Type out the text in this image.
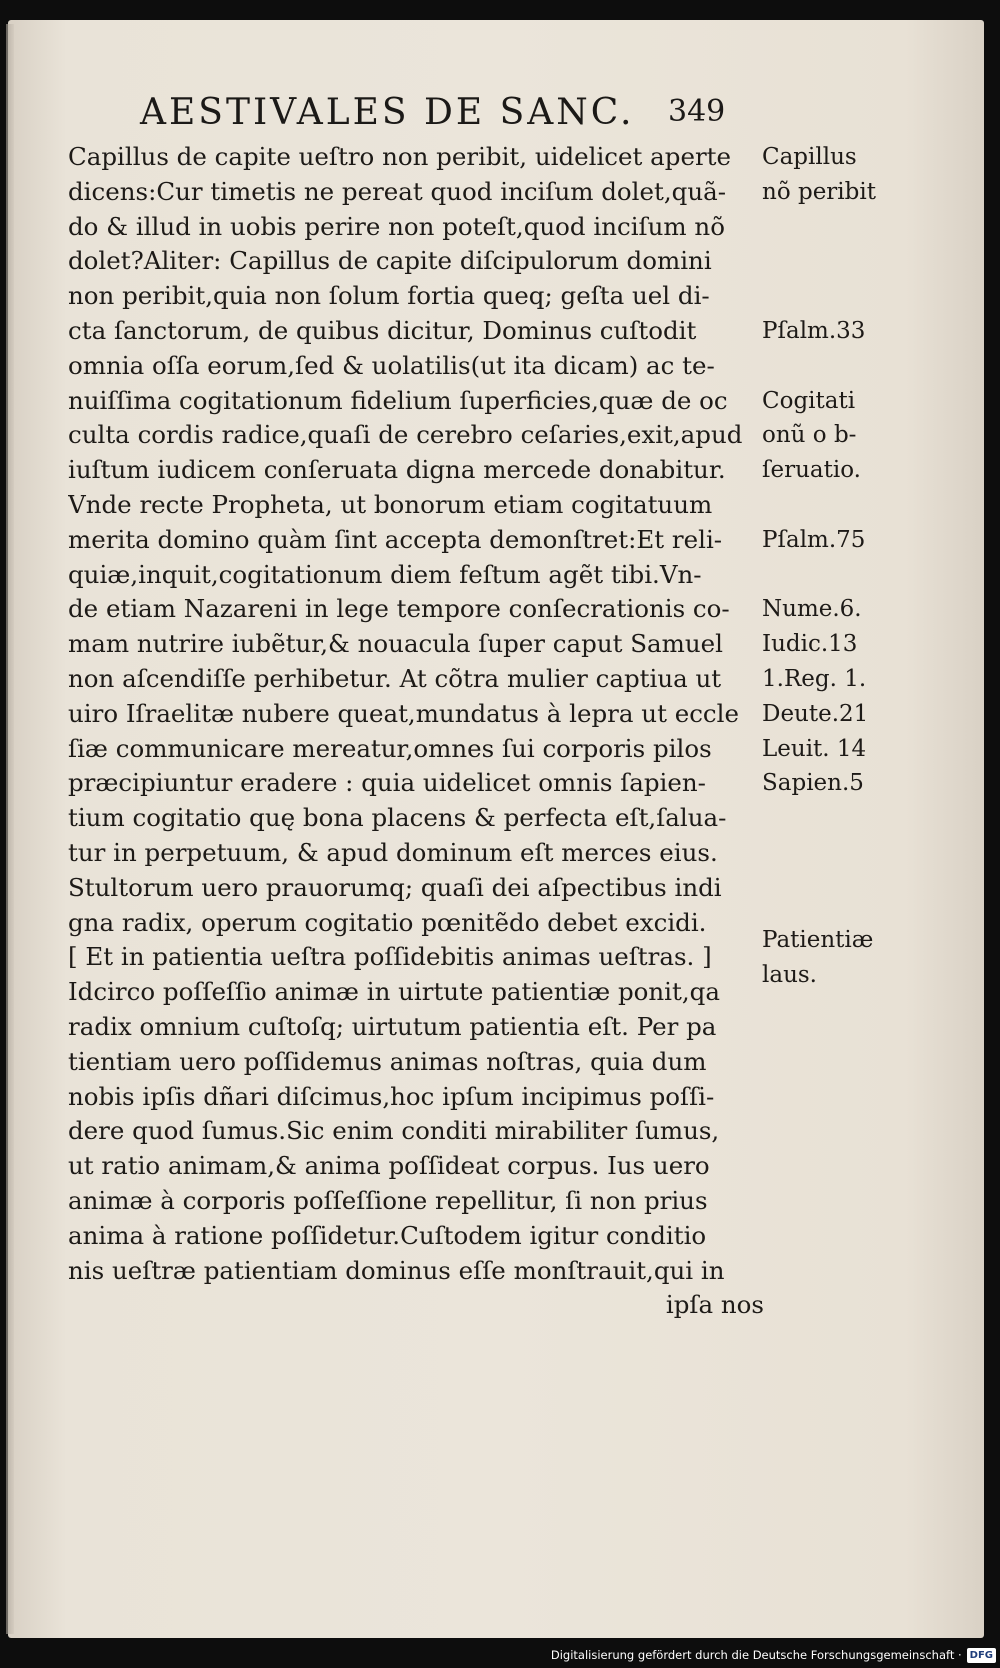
AESTIVALES DE SANC. 349
Capillus de capite ueſtro non peribit, uidelicet aperte
dicens:Cur timetis ne pereat quod inciſum dolet,quã-
do & illud in uobis perire non poteſt,quod inciſum nõ
dolet?Aliter: Capillus de capite diſcipulorum domini
non peribit,quia non ſolum fortia queq; geſta uel di-
cta ſanctorum, de quibus dicitur, Dominus cuſtodit
omnia oſſa eorum,ſed & uolatilis(ut ita dicam) ac te-
nuiſſima cogitationum fidelium ſuperficies,quæ de oc
culta cordis radice,quaſi de cerebro ceſaries,exit,apud
iuſtum iudicem conſeruata digna mercede donabitur.
Vnde recte Propheta, ut bonorum etiam cogitatuum
merita domino quàm ſint accepta demonſtret:Et reli-
quiæ,inquit,cogitationum diem feſtum agẽt tibi.Vn-
de etiam Nazareni in lege tempore conſecrationis co-
mam nutrire iubẽtur,& nouacula ſuper caput Samuel
non aſcendiſſe perhibetur. At cõtra mulier captiua ut
uiro Iſraelitæ nubere queat,mundatus à lepra ut eccle
ſiæ communicare mereatur,omnes ſui corporis pilos
præcipiuntur eradere : quia uidelicet omnis ſapien-
tium cogitatio quę bona placens & perfecta eſt,ſalua-
tur in perpetuum, & apud dominum eſt merces eius.
Stultorum uero prauorumq; quaſi dei aſpectibus indi
gna radix, operum cogitatio pœnitẽdo debet excidi.
[ Et in patientia ueſtra poſſidebitis animas ueſtras. ]
Idcirco poſſeſſio animæ in uirtute patientiæ ponit,qa
radix omnium cuſtoſq; uirtutum patientia eſt. Per pa
tientiam uero poſſidemus animas noſtras, quia dum
nobis ipſis dñari diſcimus,hoc ipſum incipimus poſſi-
dere quod ſumus.Sic enim conditi mirabiliter ſumus,
ut ratio animam,& anima poſſideat corpus. Ius uero
animæ à corporis poſſeſſione repellitur, ſi non prius
anima à ratione poſſidetur.Cuſtodem igitur conditio
nis ueſtræ patientiam dominus eſſe monſtrauit,qui in
ipſa nos
Capillus
nõ peribit
Pſalm.33
Cogitati
onũ o b-
ſeruatio.
Pſalm.75
Nume.6.
Iudic.13
1.Reg. 1.
Deute.21
Leuit. 14
Sapien.5
Patientiæ
laus.
Digitalisierung gefördert durch die Deutsche Forschungsgemeinschaft · DFG
